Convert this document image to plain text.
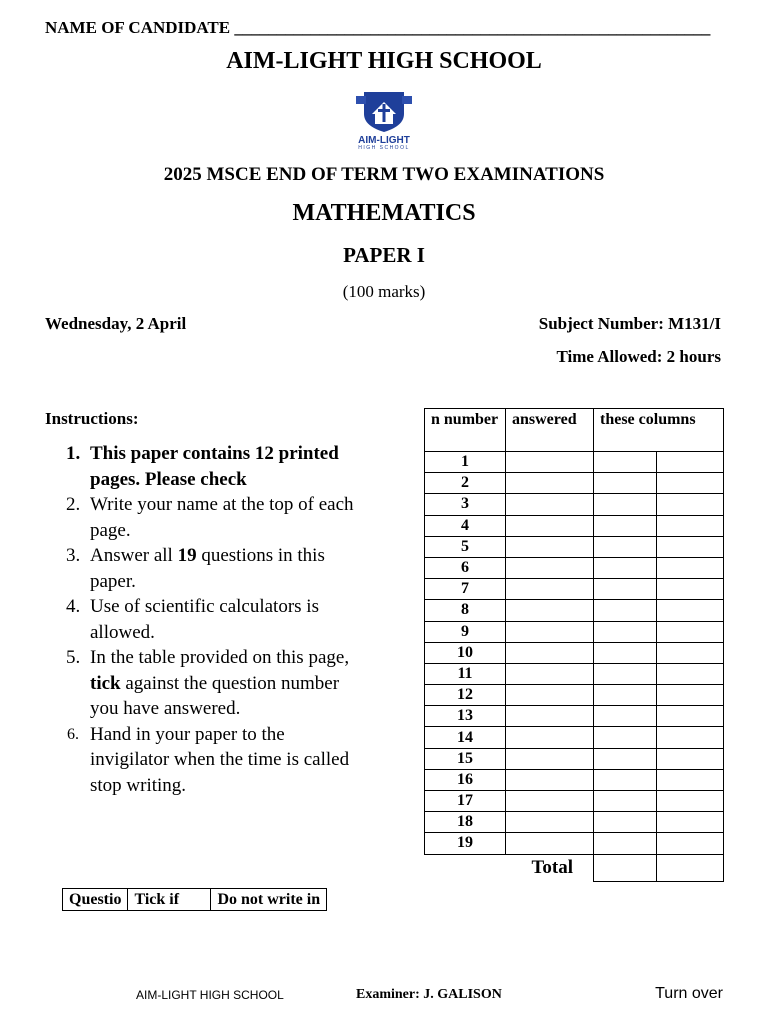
NAME OF CANDIDATE ________________________________________________________
AIM-LIGHT HIGH SCHOOL
AIM-LIGHT
HIGH SCHOOL
2025 MSCE END OF TERM TWO EXAMINATIONS
MATHEMATICS
PAPER I
(100 marks)
Wednesday, 2 April	Subject Number: M131/I
Time Allowed: 2 hours
Instructions:
1. This paper contains 12 printed pages. Please check
2. Write your name at the top of each page.
3. Answer all 19 questions in this paper.
4. Use of scientific calculators is allowed.
5. In the table provided on this page, tick against the question number you have answered.
6. Hand in your paper to the invigilator when the time is called stop writing.
n number	answered	these columns	
1			
2			
3			
4			
5			
6			
7			
8			
9			
10			
11			
12			
13			
14			
15			
16			
17			
18			
19			
Total			
Questio	Tick if	Do not write in
AIM-LIGHT HIGH SCHOOL	Examiner: J. GALISON	Turn over
